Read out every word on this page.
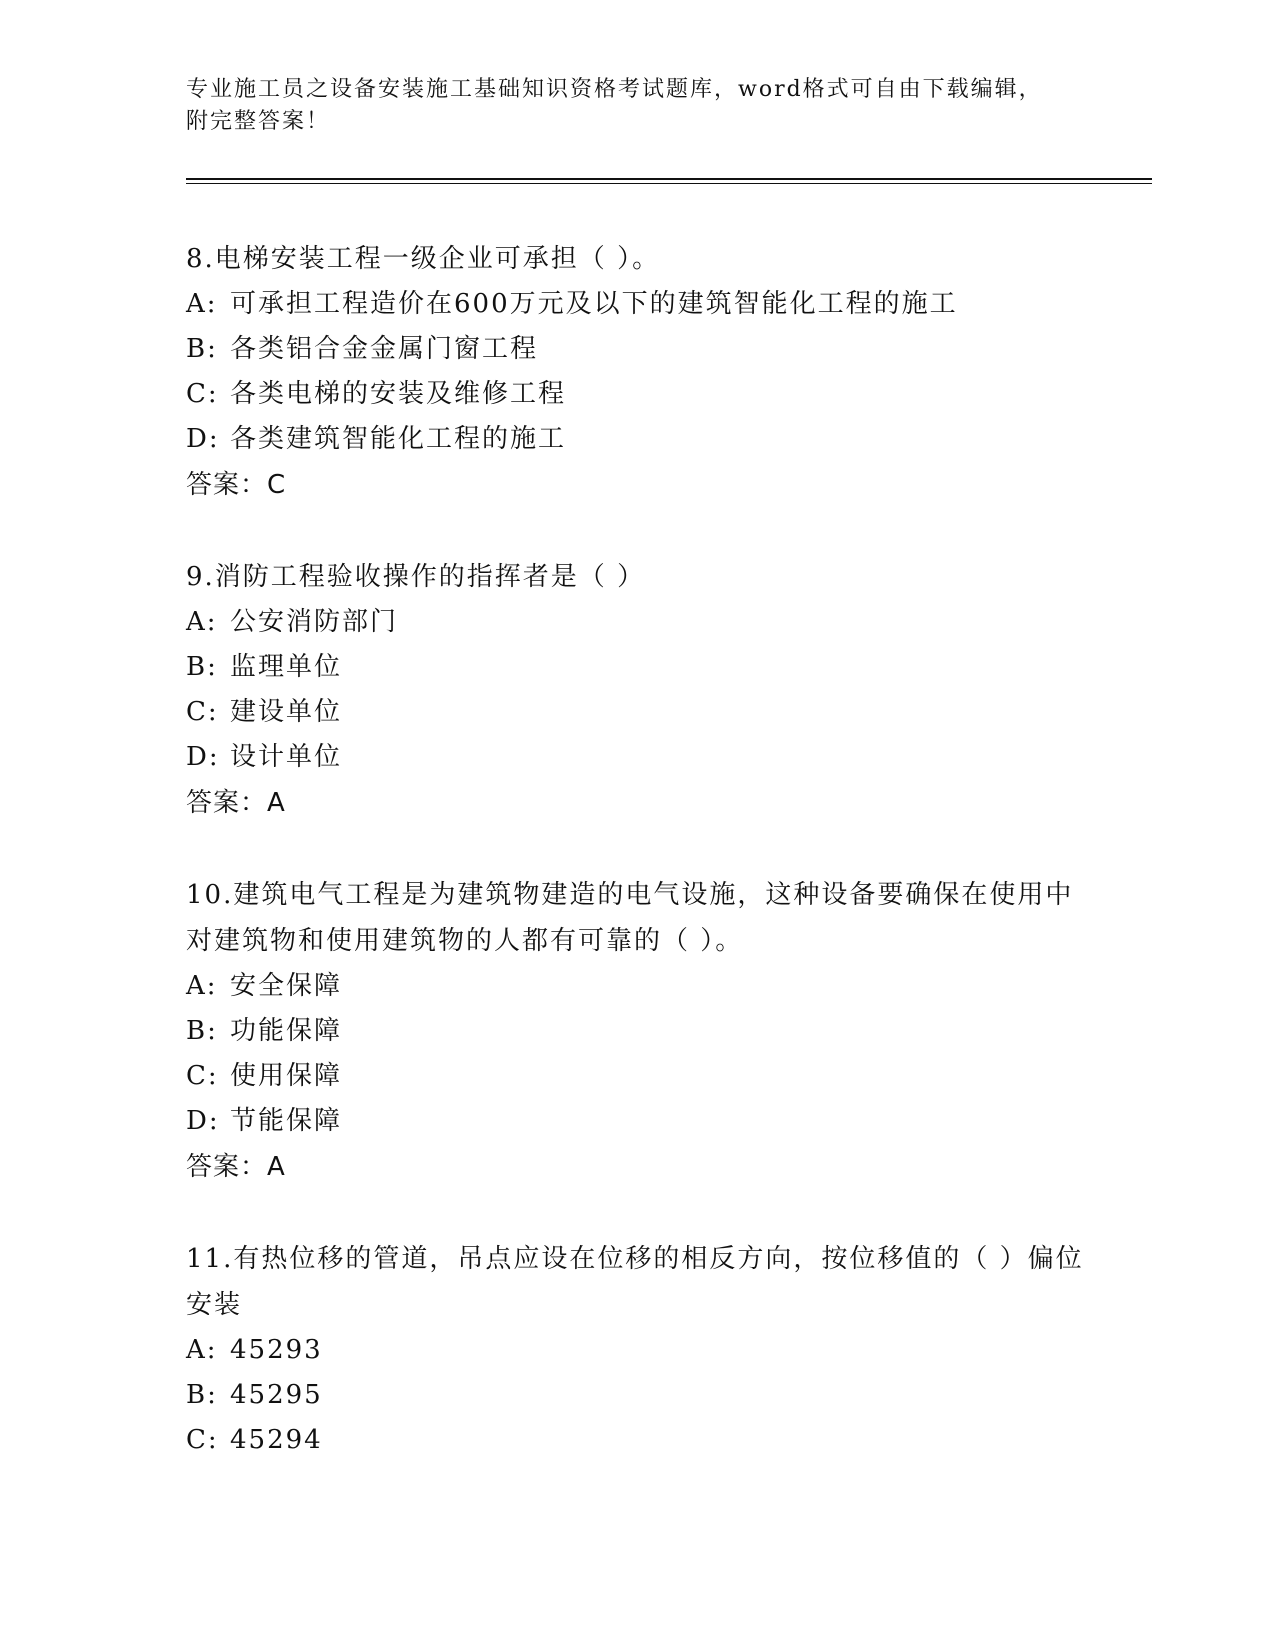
专业施工员之设备安装施工基础知识资格考试题库，word格式可自由下载编辑，
附完整答案！
8.电梯安装工程一级企业可承担（ ）。
A: 可承担工程造价在600万元及以下的建筑智能化工程的施工
B: 各类铝合金金属门窗工程
C: 各类电梯的安装及维修工程
D: 各类建筑智能化工程的施工
答案：C
9.消防工程验收操作的指挥者是（ ）
A: 公安消防部门
B: 监理单位
C: 建设单位
D: 设计单位
答案：A
10.建筑电气工程是为建筑物建造的电气设施，这种设备要确保在使用中对建筑物和使用建筑物的人都有可靠的（ ）。
A: 安全保障
B: 功能保障
C: 使用保障
D: 节能保障
答案：A
11.有热位移的管道，吊点应设在位移的相反方向，按位移值的（ ）偏位安装
A: 45293
B: 45295
C: 45294
